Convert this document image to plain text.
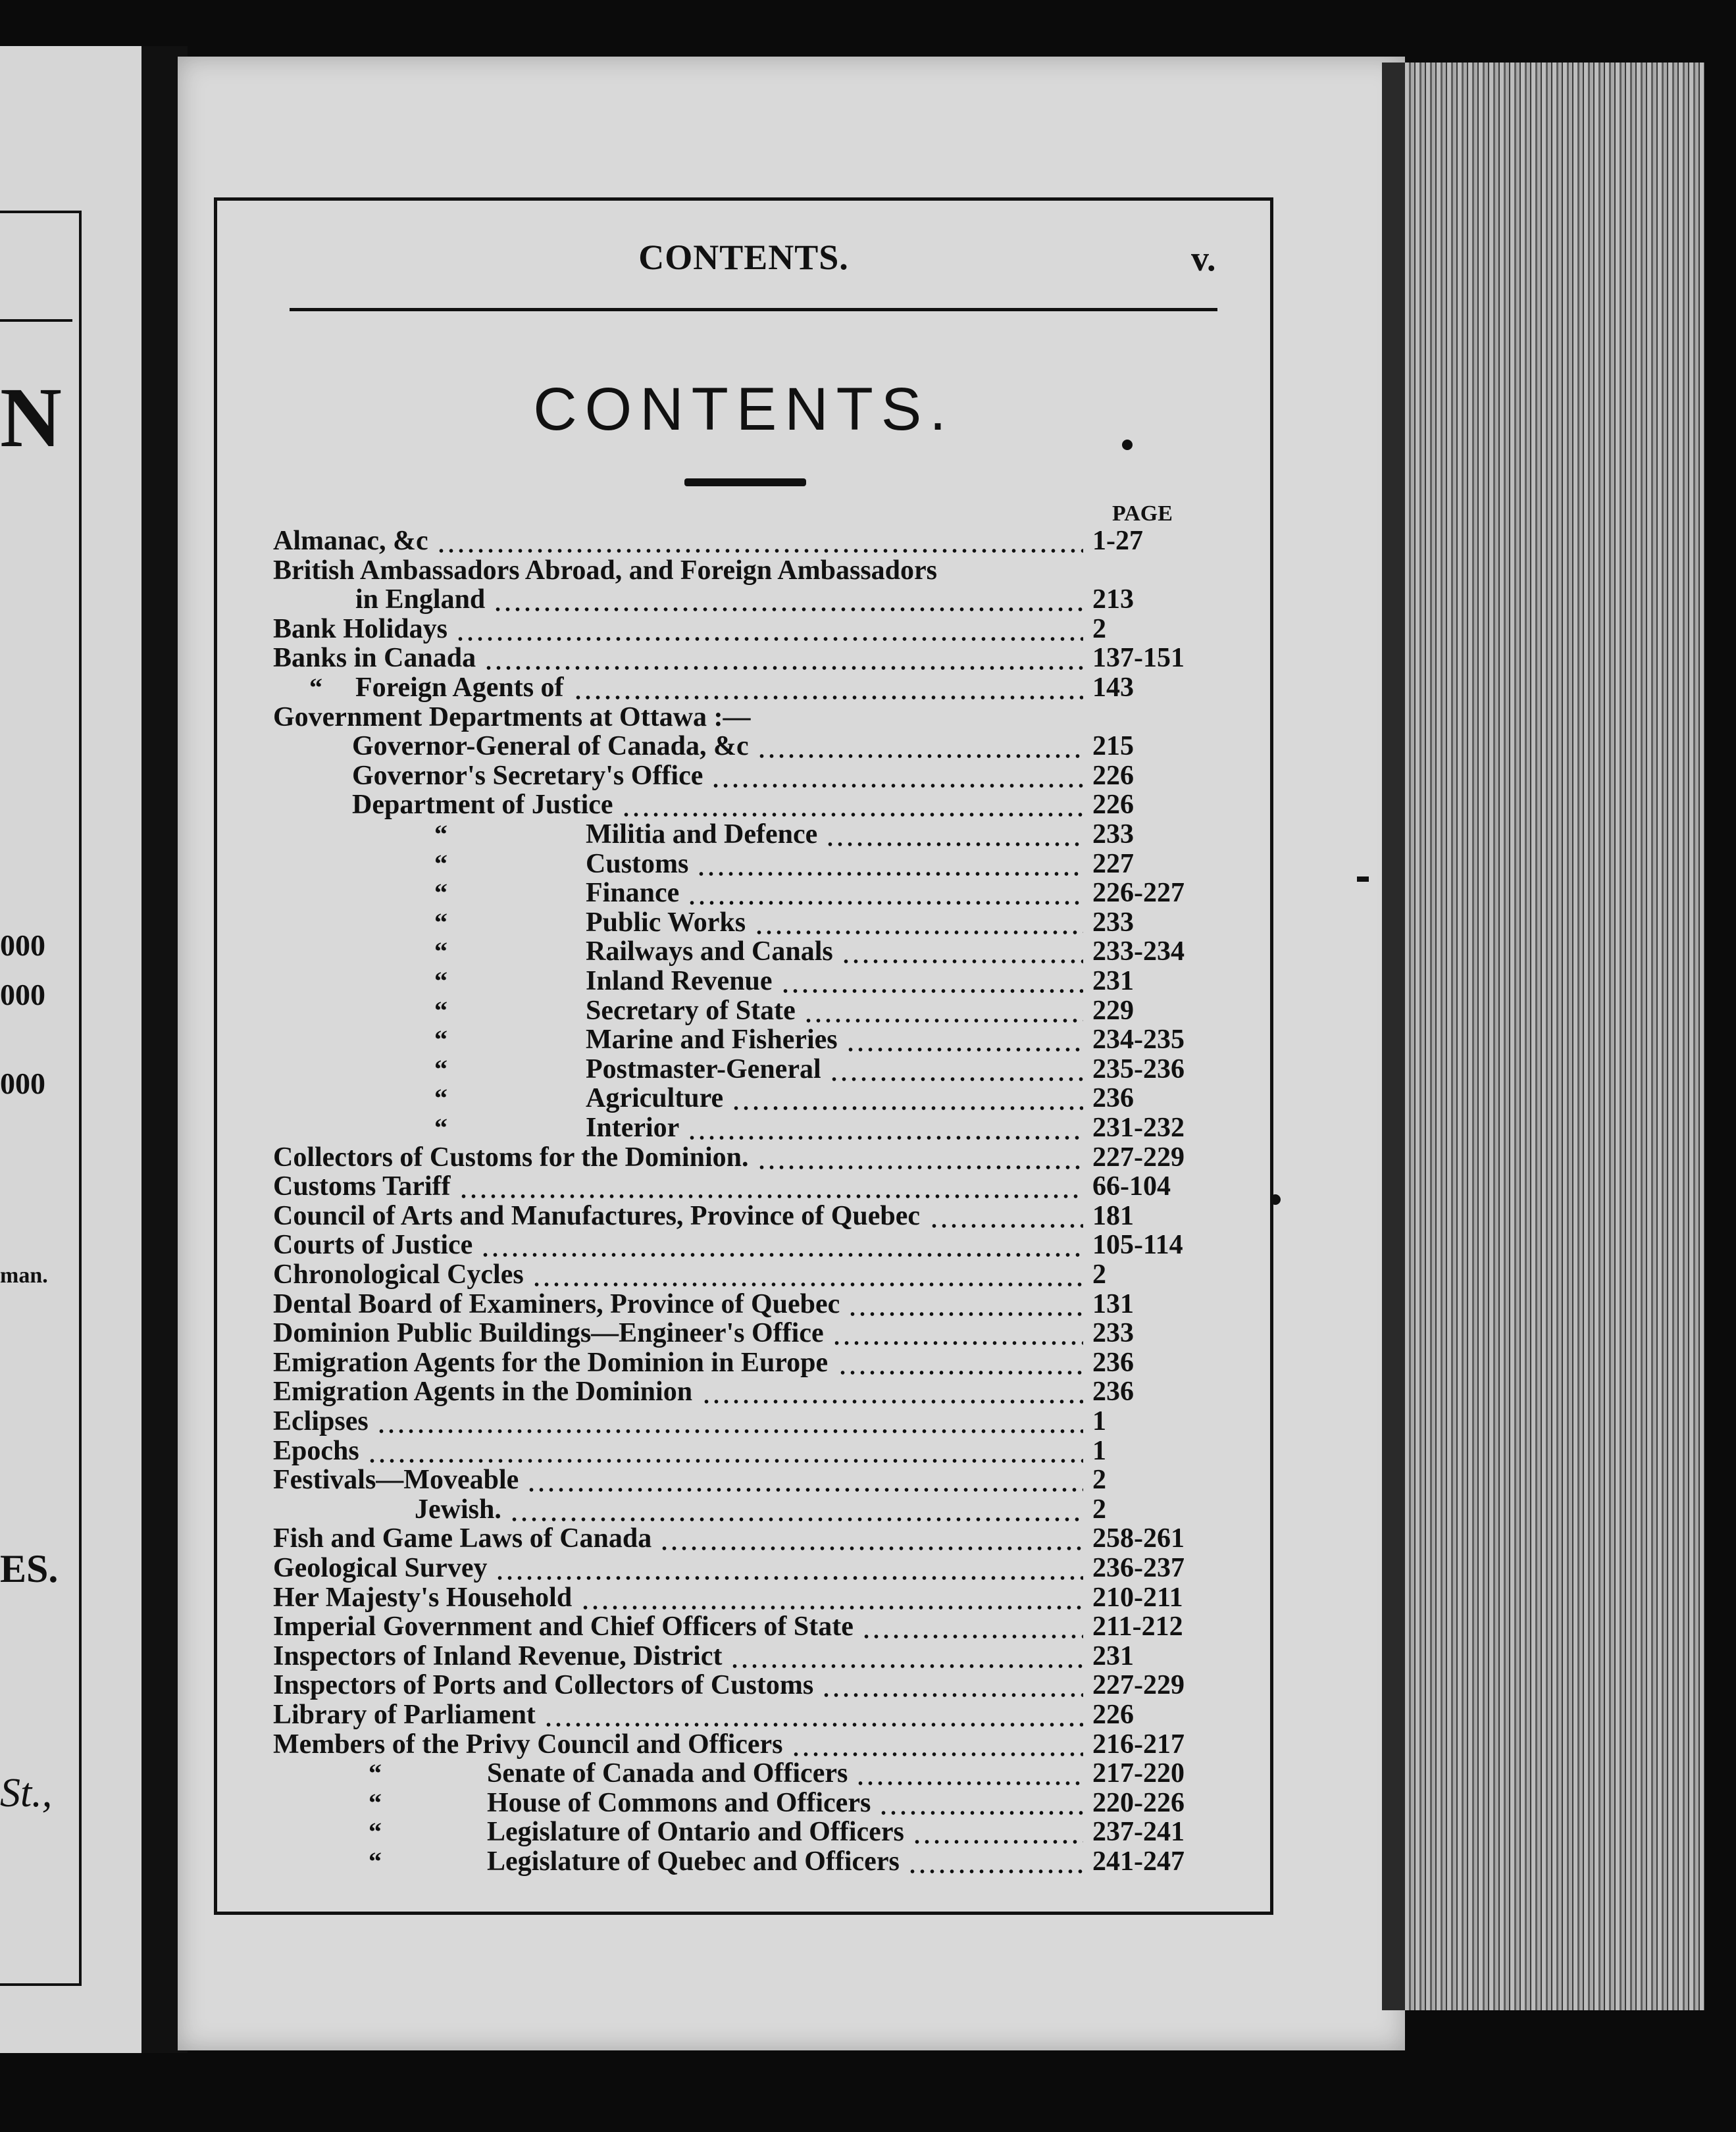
N
000
000
000
man.
ES.
St.,
CONTENTS.	v.
CONTENTS.
PAGE
Almanac, &c	1-27
British Ambassadors Abroad, and Foreign Ambassadors
in England	213
Bank Holidays	2
Banks in Canada	137-151
“ Foreign Agents of	143
Government Departments at Ottawa :—
Governor-General of Canada, &c	215
Governor's Secretary's Office	226
Department of Justice	226
“	Militia and Defence	233
“	Customs	227
“	Finance	226-227
“	Public Works	233
“	Railways and Canals	233-234
“	Inland Revenue	231
“	Secretary of State	229
“	Marine and Fisheries	234-235
“	Postmaster-General	235-236
“	Agriculture	236
“	Interior	231-232
Collectors of Customs for the Dominion.	227-229
Customs Tariff	66-104
Council of Arts and Manufactures, Province of Quebec	181
Courts of Justice	105-114
Chronological Cycles	2
Dental Board of Examiners, Province of Quebec	131
Dominion Public Buildings—Engineer's Office	233
Emigration Agents for the Dominion in Europe	236
Emigration Agents in the Dominion	236
Eclipses	1
Epochs	1
Festivals—Moveable	2
Jewish.	2
Fish and Game Laws of Canada	258-261
Geological Survey	236-237
Her Majesty's Household	210-211
Imperial Government and Chief Officers of State	211-212
Inspectors of Inland Revenue, District	231
Inspectors of Ports and Collectors of Customs	227-229
Library of Parliament	226
Members of the Privy Council and Officers	216-217
“	Senate of Canada and Officers	217-220
“	House of Commons and Officers	220-226
“	Legislature of Ontario and Officers	237-241
“	Legislature of Quebec and Officers	241-247
